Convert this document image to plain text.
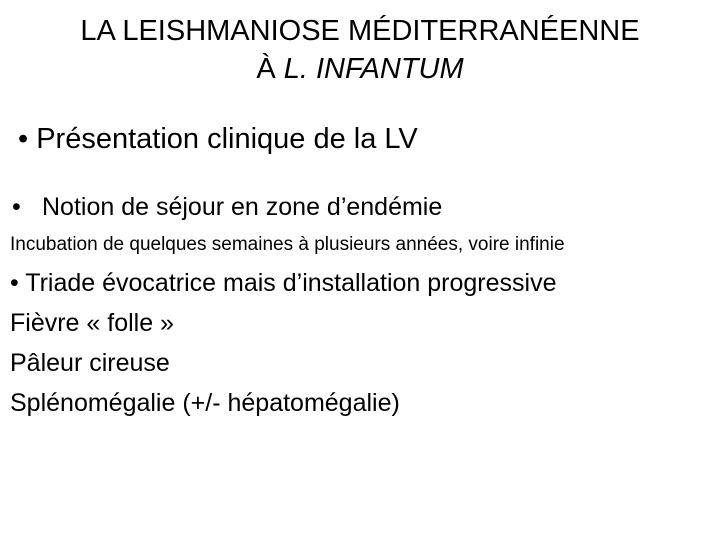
LA LEISHMANIOSE MÉDITERRANÉENNE
À L. INFANTUM
• Présentation clinique de la LV
• Notion de séjour en zone d’endémie
Incubation de quelques semaines à plusieurs années, voire infinie
• Triade évocatrice mais d’installation progressive
Fièvre « folle »
Pâleur cireuse
Splénomégalie (+/- hépatomégalie)
